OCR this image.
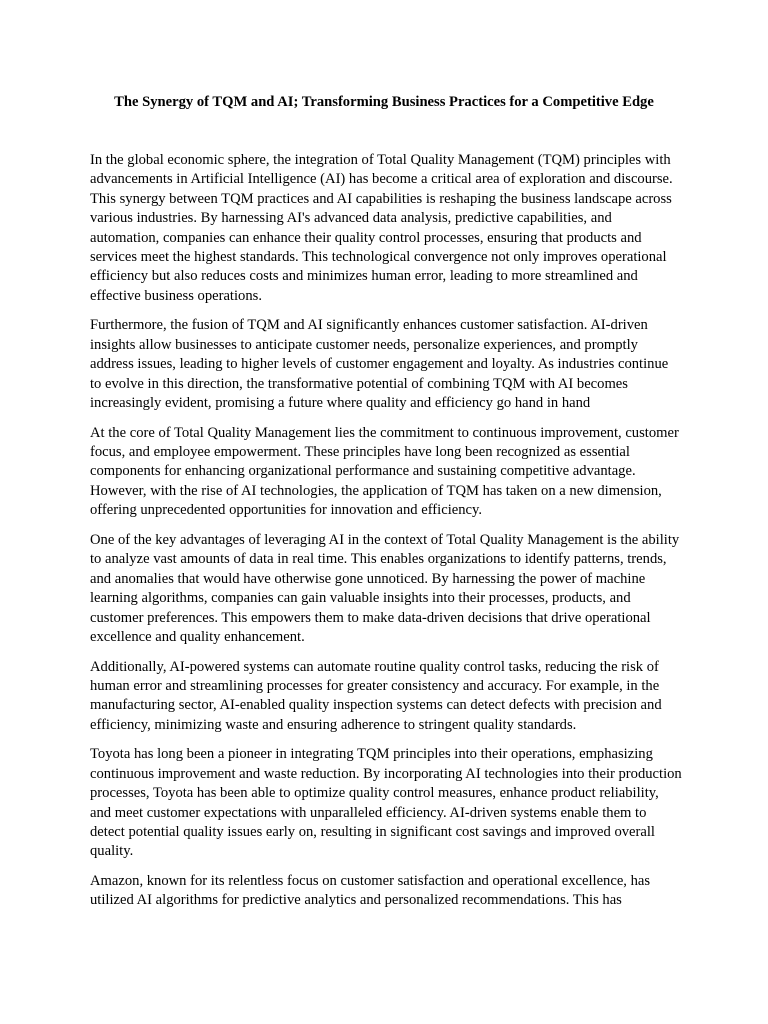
The Synergy of TQM and AI; Transforming Business Practices for a Competitive Edge

In the global economic sphere, the integration of Total Quality Management (TQM) principles with advancements in Artificial Intelligence (AI) has become a critical area of exploration and discourse. This synergy between TQM practices and AI capabilities is reshaping the business landscape across various industries. By harnessing AI's advanced data analysis, predictive capabilities, and automation, companies can enhance their quality control processes, ensuring that products and services meet the highest standards. This technological convergence not only improves operational efficiency but also reduces costs and minimizes human error, leading to more streamlined and effective business operations.

Furthermore, the fusion of TQM and AI significantly enhances customer satisfaction. AI-driven insights allow businesses to anticipate customer needs, personalize experiences, and promptly address issues, leading to higher levels of customer engagement and loyalty. As industries continue to evolve in this direction, the transformative potential of combining TQM with AI becomes increasingly evident, promising a future where quality and efficiency go hand in hand

At the core of Total Quality Management lies the commitment to continuous improvement, customer focus, and employee empowerment. These principles have long been recognized as essential components for enhancing organizational performance and sustaining competitive advantage. However, with the rise of AI technologies, the application of TQM has taken on a new dimension, offering unprecedented opportunities for innovation and efficiency.

One of the key advantages of leveraging AI in the context of Total Quality Management is the ability to analyze vast amounts of data in real time. This enables organizations to identify patterns, trends, and anomalies that would have otherwise gone unnoticed. By harnessing the power of machine learning algorithms, companies can gain valuable insights into their processes, products, and customer preferences. This empowers them to make data-driven decisions that drive operational excellence and quality enhancement.

Additionally, AI-powered systems can automate routine quality control tasks, reducing the risk of human error and streamlining processes for greater consistency and accuracy. For example, in the manufacturing sector, AI-enabled quality inspection systems can detect defects with precision and efficiency, minimizing waste and ensuring adherence to stringent quality standards.

Toyota has long been a pioneer in integrating TQM principles into their operations, emphasizing continuous improvement and waste reduction. By incorporating AI technologies into their production processes, Toyota has been able to optimize quality control measures, enhance product reliability, and meet customer expectations with unparalleled efficiency. AI-driven systems enable them to detect potential quality issues early on, resulting in significant cost savings and improved overall quality.

Amazon, known for its relentless focus on customer satisfaction and operational excellence, has utilized AI algorithms for predictive analytics and personalized recommendations. This has
